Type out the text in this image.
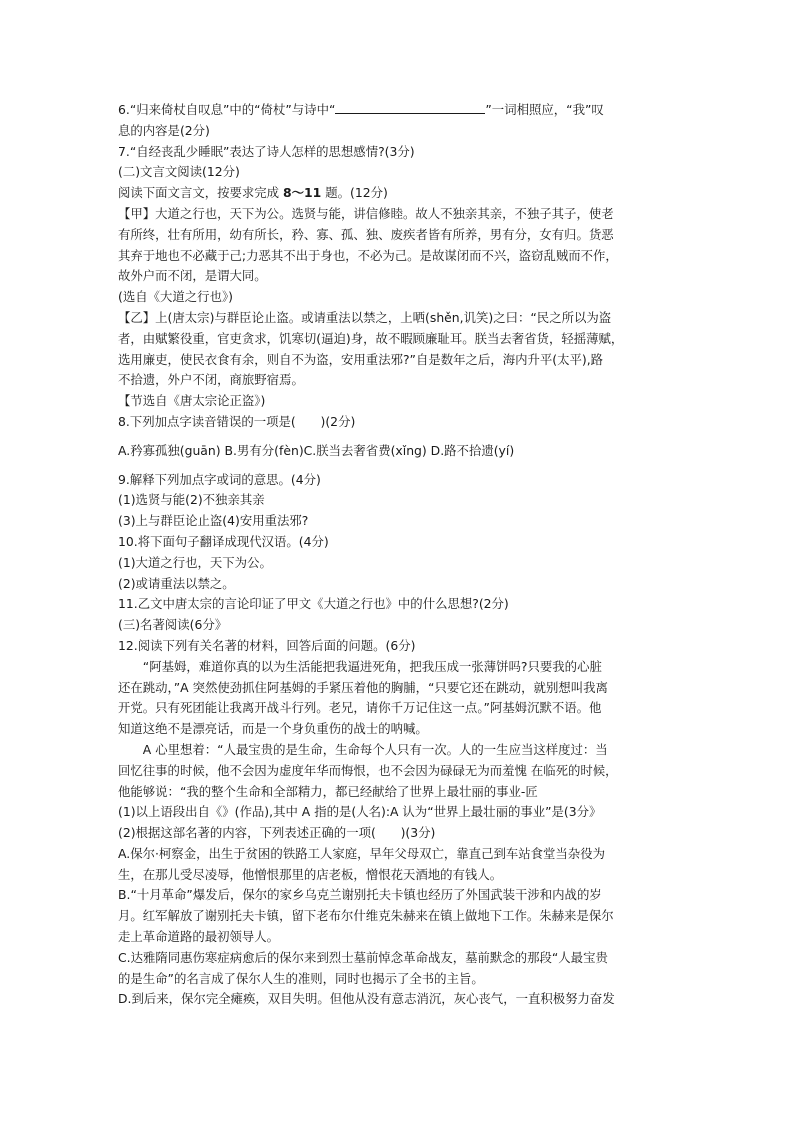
6.“归来倚杖自叹息”中的“倚杖”与诗中“	”一词相照应，“我”叹
息的内容是(2分)
7.“自经丧乱少睡眠”表达了诗人怎样的思想感情?(3分)
(二)文言文阅读(12分)
阅读下面文言文，按要求完成 8～11 题。(12分)
【甲】大道之行也，天下为公。选贤与能，讲信修睦。故人不独亲其亲，不独子其子，使老
有所终，壮有所用，幼有所长，矜、寡、孤、独、废疾者皆有所养，男有分，女有归。货恶
其弃于地也不必藏于己;力恶其不出于身也，不必为己。是故谋闭而不兴，盗窃乱贼而不作，
故外户而不闭，是谓大同。
(选自《大道之行也》)
【乙】上(唐太宗)与群臣论止盗。或请重法以禁之，上哂(shěn,讥笑)之曰：“民之所以为盗
者，由赋繁役重，官吏贪求，饥寒切(逼迫)身，故不暇顾廉耻耳。朕当去奢省货，轻摇薄赋，
选用廉吏，使民衣食有余，则自不为盗，安用重法邪?”自是数年之后，海内升平(太平),路
不拾遗，外户不闭，商旅野宿焉。
【节选自《唐太宗论正盗》)
8.下列加点字读音错误的一项是(　　)(2分)
A.矜寡孤独(guān) B.男有分(fèn)C.朕当去奢省费(xǐng) D.路不拾遗(yí)
9.解释下列加点字或词的意思。(4分)
(1)选贤与能(2)不独亲其亲
(3)上与群臣论止盗(4)安用重法邪?
10.将下面句子翻译成现代汉语。(4分)
(1)大道之行也，天下为公。
(2)或请重法以禁之。
11.乙文中唐太宗的言论印证了甲文《大道之行也》中的什么思想?(2分)
(三)名著阅读(6分》
12.阅读下列有关名著的材料，回答后面的问题。(6分)
“阿基姆，难道你真的以为生活能把我逼进死角，把我压成一张薄饼吗?只要我的心脏
还在跳动，”A 突然使劲抓住阿基姆的手紧压着他的胸脯，“只要它还在跳动，就别想叫我离
开党。只有死团能让我离开战斗行列。老兄，请你千万记住这一点。”阿基姆沉默不语。他
知道这绝不是漂亮话，而是一个身负重伤的战士的呐喊。
A 心里想着：“人最宝贵的是生命，生命每个人只有一次。人的一生应当这样度过：当
回忆往事的时候，他不会因为虚度年华而悔恨，也不会因为碌碌无为而羞愧 在临死的时候，
他能够说：“我的整个生命和全部精力，都已经献给了世界上最壮丽的事业-匠
(1)以上语段出自《》(作品),其中 A 指的是(人名):A 认为“世界上最壮丽的事业”是(3分》
(2)根据这部名著的内容，下列表述正确的一项(　　)(3分)
A.保尔·柯察金，出生于贫困的铁路工人家庭，早年父母双亡，靠直己到车站食堂当杂役为
生，在那儿受尽凌辱，他憎恨那里的店老板，憎恨花天酒地的有钱人。
B.“十月革命”爆发后，保尔的家乡乌克兰谢别托夫卡镇也经历了外国武装干涉和内战的岁
月。红军解放了谢别托夫卡镇，留下老布尔什维克朱赫来在镇上做地下工作。朱赫来是保尔
走上革命道路的最初领导人。
C.达雅隋同惠伤寒症病愈后的保尔来到烈士墓前悼念革命战友，墓前默念的那段“人最宝贵
的是生命”的名言成了保尔人生的准则，同时也揭示了全书的主旨。
D.到后来，保尔完全瘫痪，双目失明。但他从没有意志消沉，灰心丧气，一直积极努力奋发
